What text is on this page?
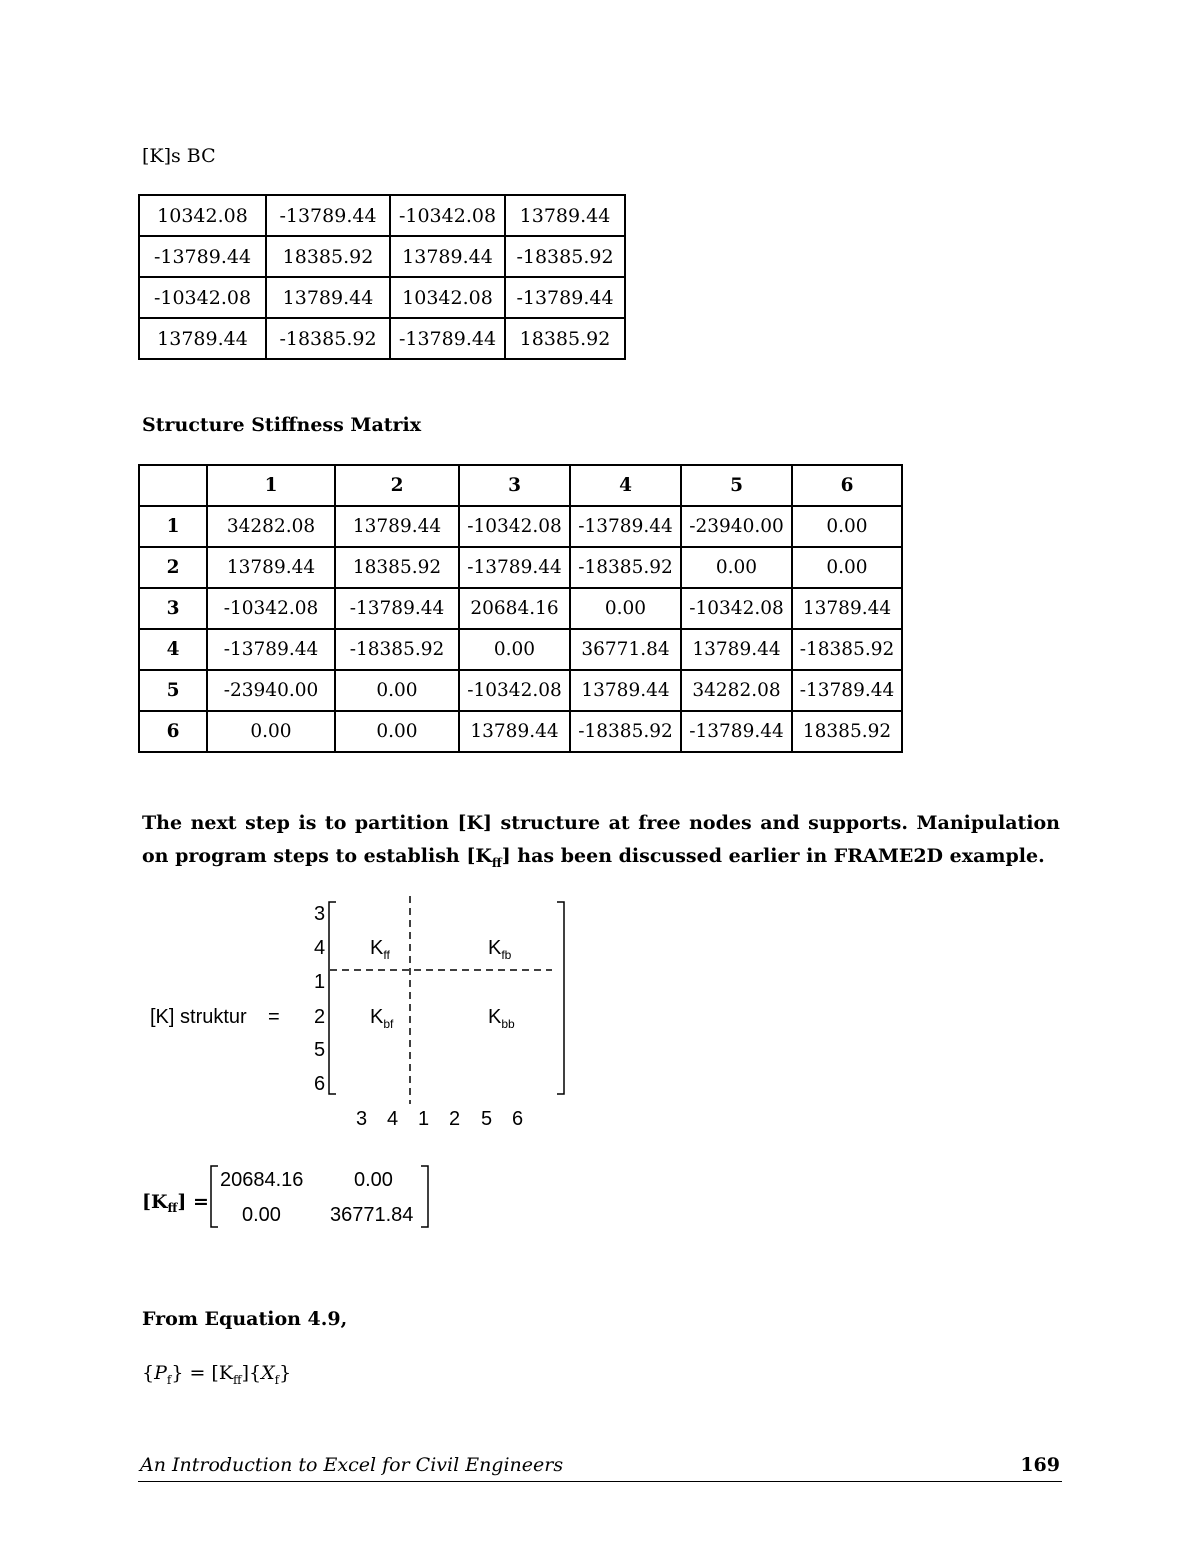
[K]s BC
10342.08	-13789.44	-10342.08	13789.44
-13789.44	18385.92	13789.44	-18385.92
-10342.08	13789.44	10342.08	-13789.44
13789.44	-18385.92	-13789.44	18385.92
Structure Stiffness Matrix
	1	2	3	4	5	6
1	34282.08	13789.44	-10342.08	-13789.44	-23940.00	0.00
2	13789.44	18385.92	-13789.44	-18385.92	0.00	0.00
3	-10342.08	-13789.44	20684.16	0.00	-10342.08	13789.44
4	-13789.44	-18385.92	0.00	36771.84	13789.44	-18385.92
5	-23940.00	0.00	-10342.08	13789.44	34282.08	-13789.44
6	0.00	0.00	13789.44	-18385.92	-13789.44	18385.92
The next step is to partition [K] structure at free nodes and supports. Manipulation on program steps to establish $[K_{ff}]$ has been discussed earlier in FRAME2D example.
[K] struktur =
3
4
1
2
5
6
$K_{ff}$	$K_{fb}$
$K_{bf}$	$K_{bb}$
3 4 1 2 5 6
$[K_{ff}]$ =
20684.16	0.00
0.00 36771.84
From Equation 4.9,
$\{P_f\} = [K_{ff}]\{X_f\}$
An Introduction to Excel for Civil Engineers	169
